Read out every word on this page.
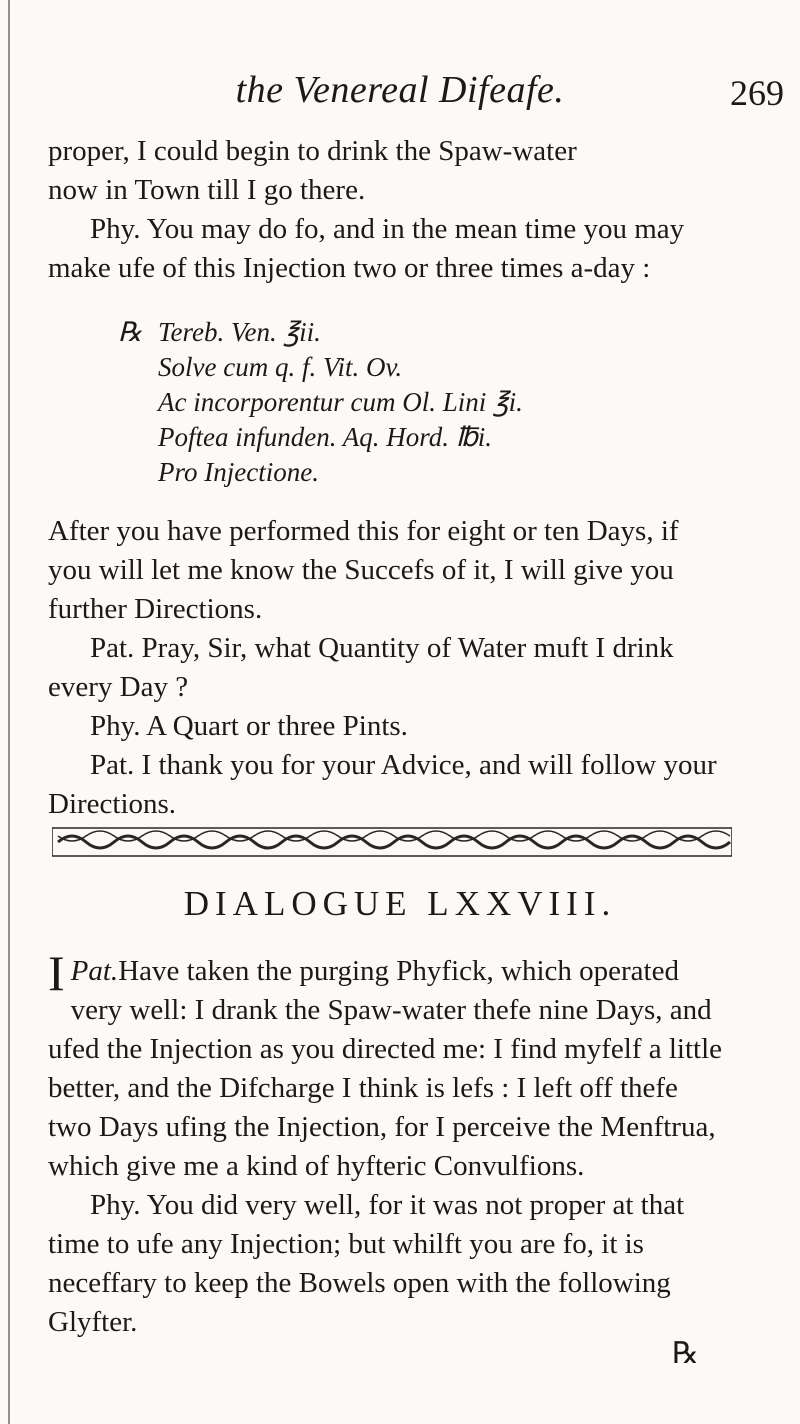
the Venereal Difeafe.	269

proper, I could begin to drink the Spaw-water

now in Town till I go there.

Phy. You may do fo, and in the mean time you may make ufe of this Injection two or three times a-day :

℞ Tereb. Ven. ℥ii.
Solve cum q. f. Vit. Ov.
Ac incorporentur cum Ol. Lini ℥i.
Poftea infunden. Aq. Hord. ℔i.
Pro Injectione.

After you have performed this for eight or ten Days, if you will let me know the Succefs of it, I will give you further Directions.

Pat. Pray, Sir, what Quantity of Water muft I drink every Day ?

Phy. A Quart or three Pints.

Pat. I thank you for your Advice, and will follow your Directions.

DIALOGUE LXXVIII.

Pat.
I Have taken the purging Phyfick, which operated very well: I drank the Spaw-water thefe nine Days, and ufed the Injection as you directed me: I find myfelf a little better, and the Difcharge I think is lefs : I left off thefe two Days ufing the Injection, for I perceive the Menftrua, which give me a kind of hyfteric Convulfions.

Phy. You did very well, for it was not proper at that time to ufe any Injection; but whilft you are fo, it is neceffary to keep the Bowels open with the following Glyfter.

℞
